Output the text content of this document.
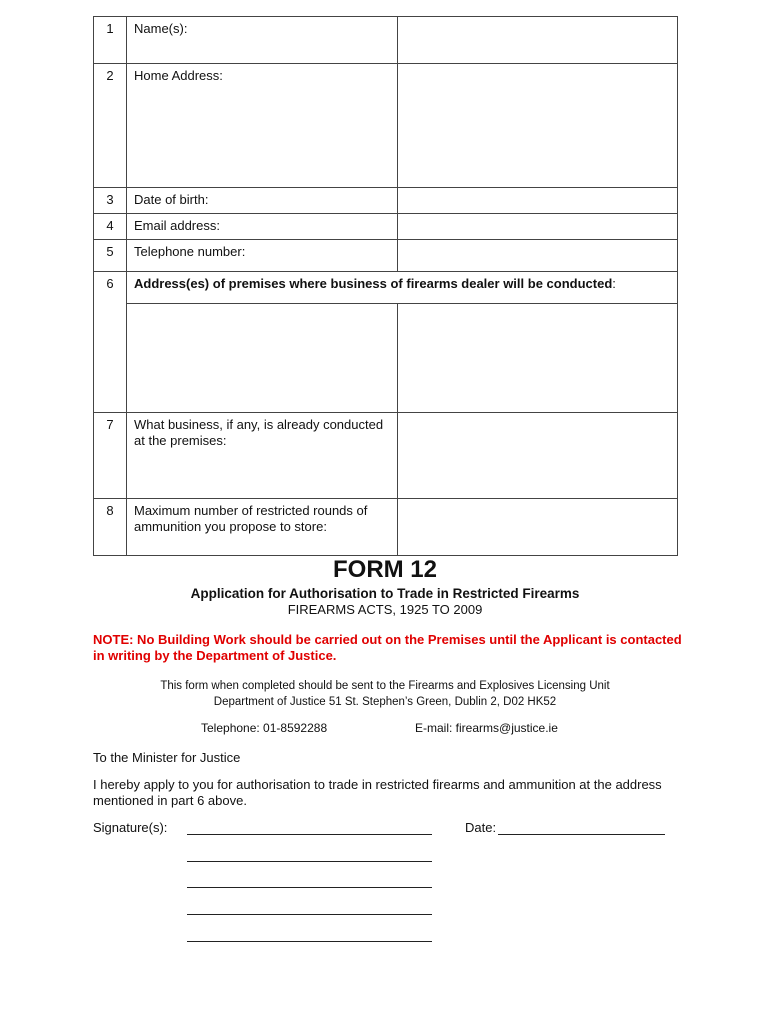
1	Name(s):	
2	Home Address:	
3	Date of birth:	
4	Email address:	
5	Telephone number:	
6	Address(es) of premises where business of firearms dealer will be conducted:	

7	What business, if any, is already conducted at the premises:	
8	Maximum number of restricted rounds of ammunition you propose to store:	
FORM 12
Application for Authorisation to Trade in Restricted Firearms
FIREARMS ACTS, 1925 TO 2009
NOTE: No Building Work should be carried out on the Premises until the Applicant is contacted in writing by the Department of Justice.
This form when completed should be sent to the Firearms and Explosives Licensing Unit
Department of Justice 51 St. Stephen’s Green, Dublin 2, D02 HK52
Telephone: 01-8592288	E-mail: firearms@justice.ie
To the Minister for Justice
I hereby apply to you for authorisation to trade in restricted firearms and ammunition at the address mentioned in part 6 above.
Signature(s):	Date:
